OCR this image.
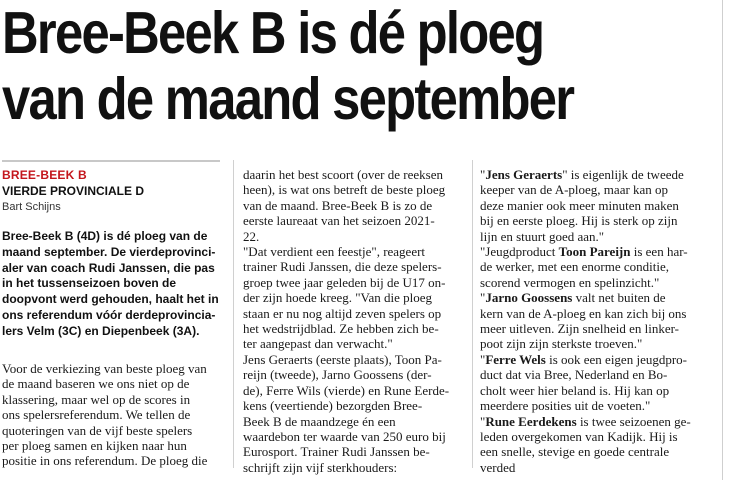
Bree-Beek B is dé ploeg
van de maand september
BREE-BEEK B
VIERDE PROVINCIALE D
Bart Schijns
Bree-Beek B (4D) is dé ploeg van de
maand september. De vierdeprovinci-
aler van coach Rudi Janssen, die pas
in het tussenseizoen boven de
doopvont werd gehouden, haalt het in
ons referendum vóór derdeprovincia-
lers Velm (3C) en Diepenbeek (3A).
Voor de verkiezing van beste ploeg van
de maand baseren we ons niet op de
klassering, maar wel op de scores in
ons spelersreferendum. We tellen de
quoteringen van de vijf beste spelers
per ploeg samen en kijken naar hun
positie in ons referendum. De ploeg die
daarin het best scoort (over de reeksen
heen), is wat ons betreft de beste ploeg
van de maand. Bree-Beek B is zo de
eerste laureaat van het seizoen 2021-
22.
"Dat verdient een feestje", reageert
trainer Rudi Janssen, die deze spelers-
groep twee jaar geleden bij de U17 on-
der zijn hoede kreeg. "Van die ploeg
staan er nu nog altijd zeven spelers op
het wedstrijdblad. Ze hebben zich be-
ter aangepast dan verwacht."
Jens Geraerts (eerste plaats), Toon Pa-
reijn (tweede), Jarno Goossens (der-
de), Ferre Wils (vierde) en Rune Eerde-
kens (veertiende) bezorgden Bree-
Beek B de maandzege én een
waardebon ter waarde van 250 euro bij
Eurosport. Trainer Rudi Janssen be-
schrijft zijn vijf sterkhouders:
"Jens Geraerts" is eigenlijk de tweede
keeper van de A-ploeg, maar kan op
deze manier ook meer minuten maken
bij en eerste ploeg. Hij is sterk op zijn
lijn en stuurt goed aan."
"Jeugdproduct Toon Pareijn is een har-
de werker, met een enorme conditie,
scorend vermogen en spelinzicht."
"Jarno Goossens valt net buiten de
kern van de A-ploeg en kan zich bij ons
meer uitleven. Zijn snelheid en linker-
poot zijn zijn sterkste troeven."
"Ferre Wels is ook een eigen jeugdpro-
duct dat via Bree, Nederland en Bo-
cholt weer hier beland is. Hij kan op
meerdere posities uit de voeten."
"Rune Eerdekens is twee seizoenen ge-
leden overgekomen van Kadijk. Hij is
een snelle, stevige en goede centrale
verded
